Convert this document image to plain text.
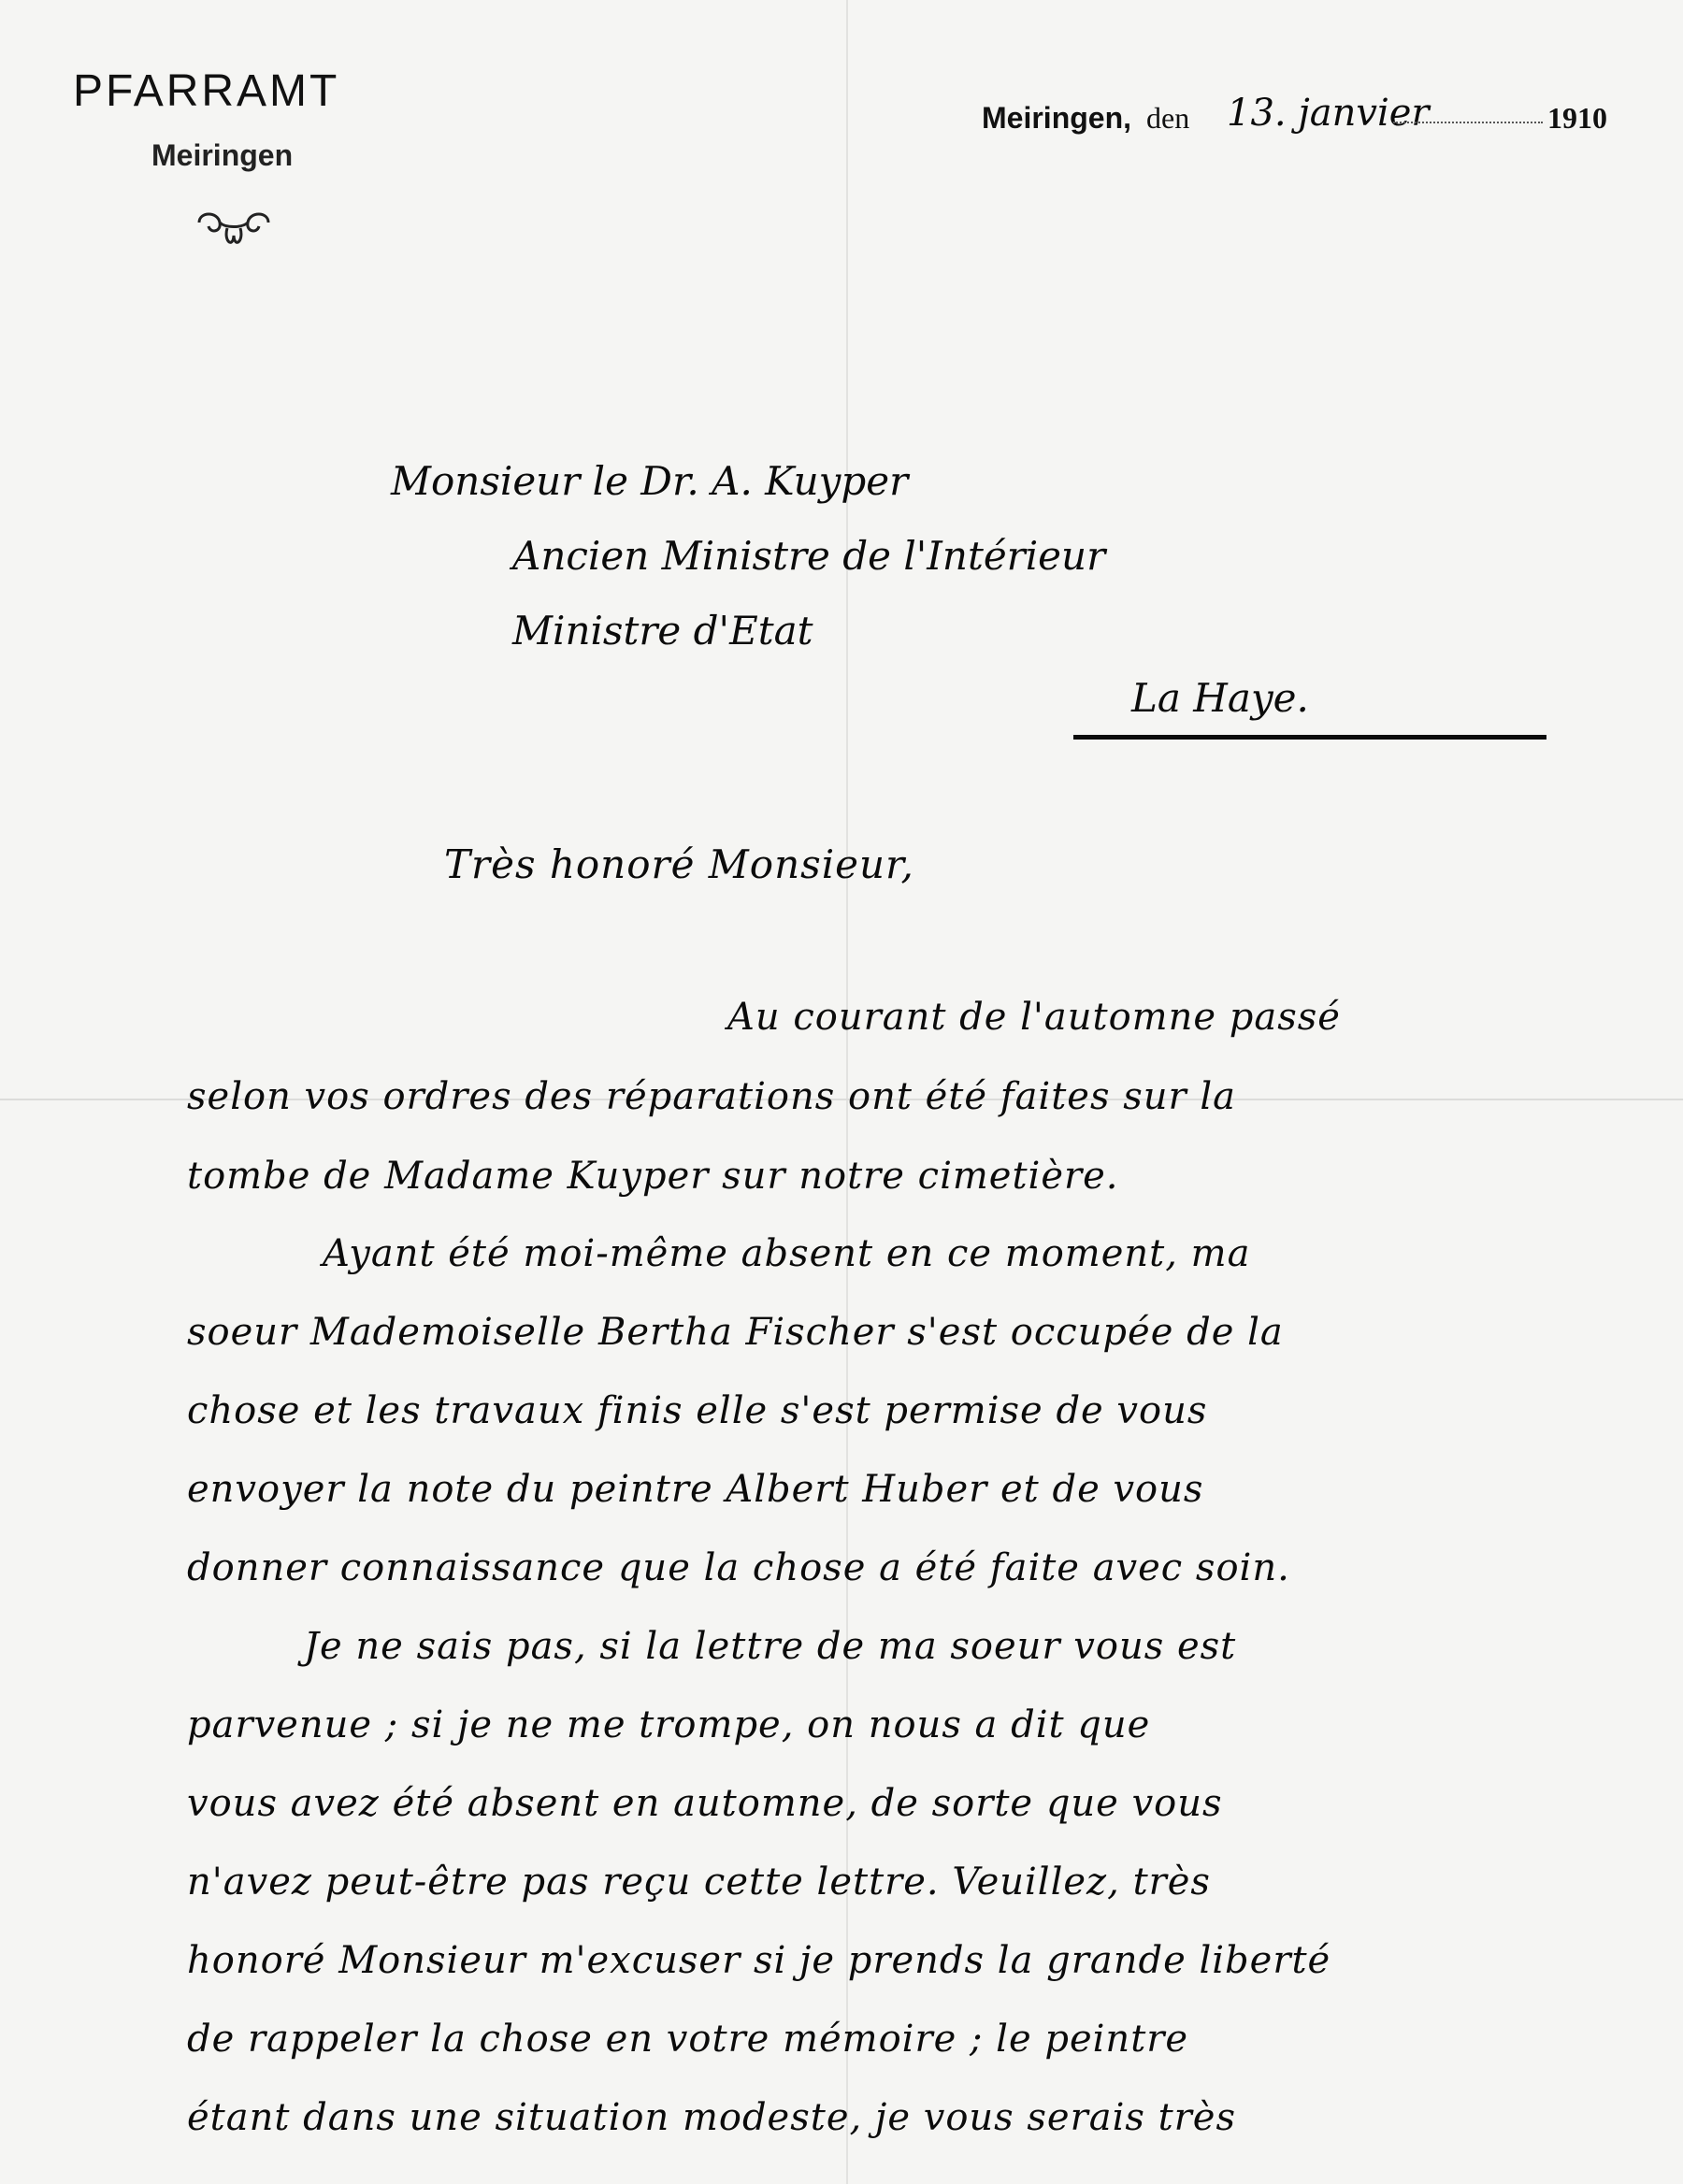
PFARRAMT
Meiringen
Meiringen, den 13. janvier	1910
Monsieur le Dr. A. Kuyper
Ancien Ministre de l'Intérieur
Ministre d'Etat
La Haye.
Très honoré Monsieur,
Au courant de l'automne passé
selon vos ordres des réparations ont été faites sur la
tombe de Madame Kuyper sur notre cimetière.
Ayant été moi-même absent en ce moment, ma
soeur Mademoiselle Bertha Fischer s'est occupée de la
chose et les travaux finis elle s'est permise de vous
envoyer la note du peintre Albert Huber et de vous
donner connaissance que la chose a été faite avec soin.
Je ne sais pas, si la lettre de ma soeur vous est
parvenue ; si je ne me trompe, on nous a dit que
vous avez été absent en automne, de sorte que vous
n'avez peut-être pas reçu cette lettre. Veuillez, très
honoré Monsieur m'excuser si je prends la grande liberté
de rappeler la chose en votre mémoire ; le peintre
étant dans une situation modeste, je vous serais très
